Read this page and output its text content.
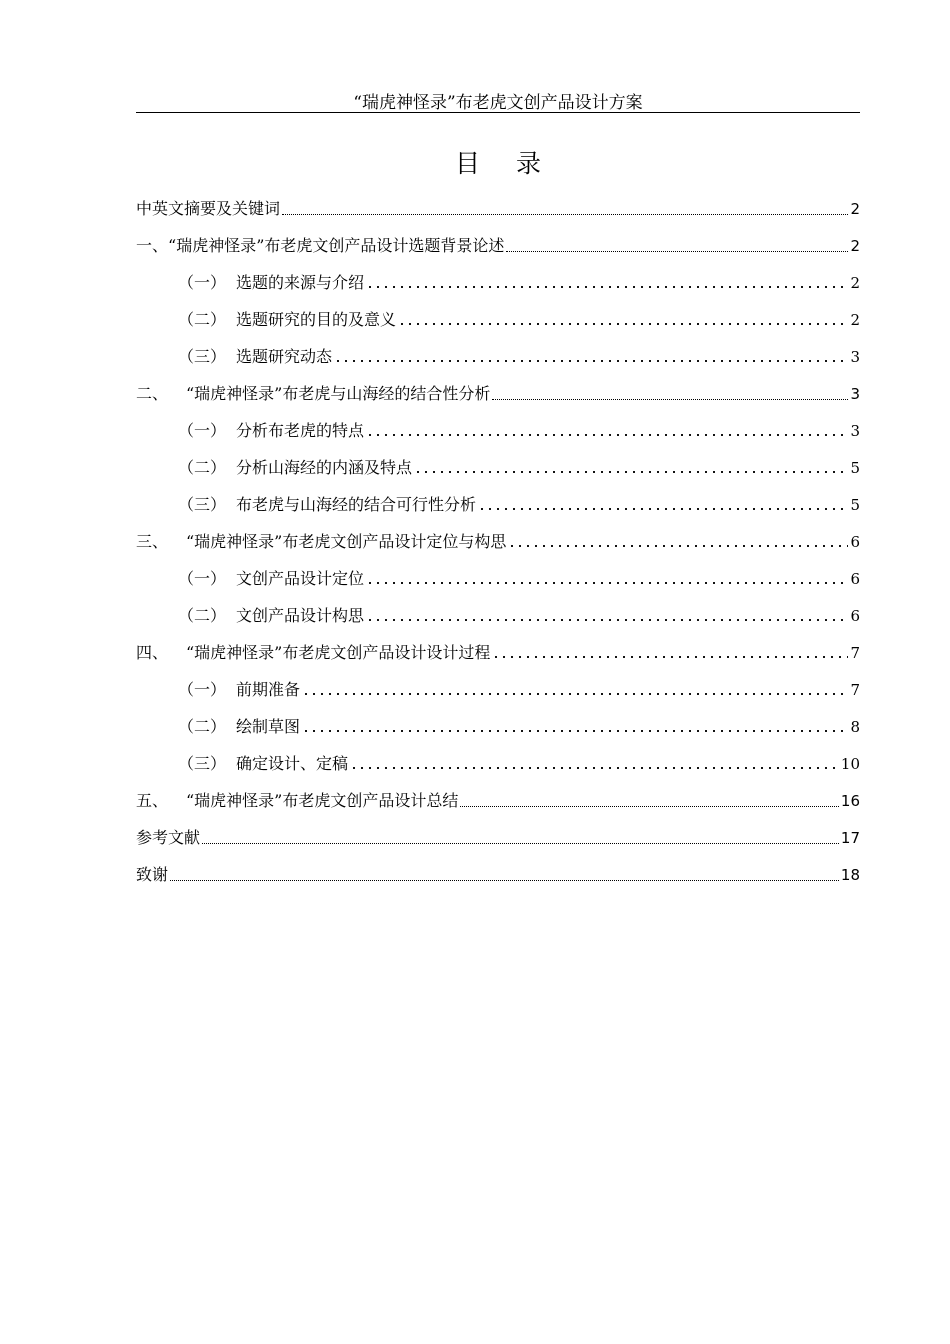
“瑞虎神怪录”布老虎文创产品设计方案
目录
中英文摘要及关键词	2
一、 “瑞虎神怪录”布老虎文创产品设计选题背景论述	2
（一） 选题的来源与介绍	2
（二） 选题研究的目的及意义	2
（三） 选题研究动态	3
二、	“瑞虎神怪录”布老虎与山海经的结合性分析	3
（一） 分析布老虎的特点	3
（二） 分析山海经的内涵及特点	5
（三） 布老虎与山海经的结合可行性分析	5
三、	“瑞虎神怪录”布老虎文创产品设计定位与构思	6
（一） 文创产品设计定位	6
（二） 文创产品设计构思	6
四、	“瑞虎神怪录”布老虎文创产品设计设计过程	7
（一） 前期准备	7
（二） 绘制草图	8
（三） 确定设计、定稿	10
五、	“瑞虎神怪录”布老虎文创产品设计总结	16
参考文献	17
致谢	18
